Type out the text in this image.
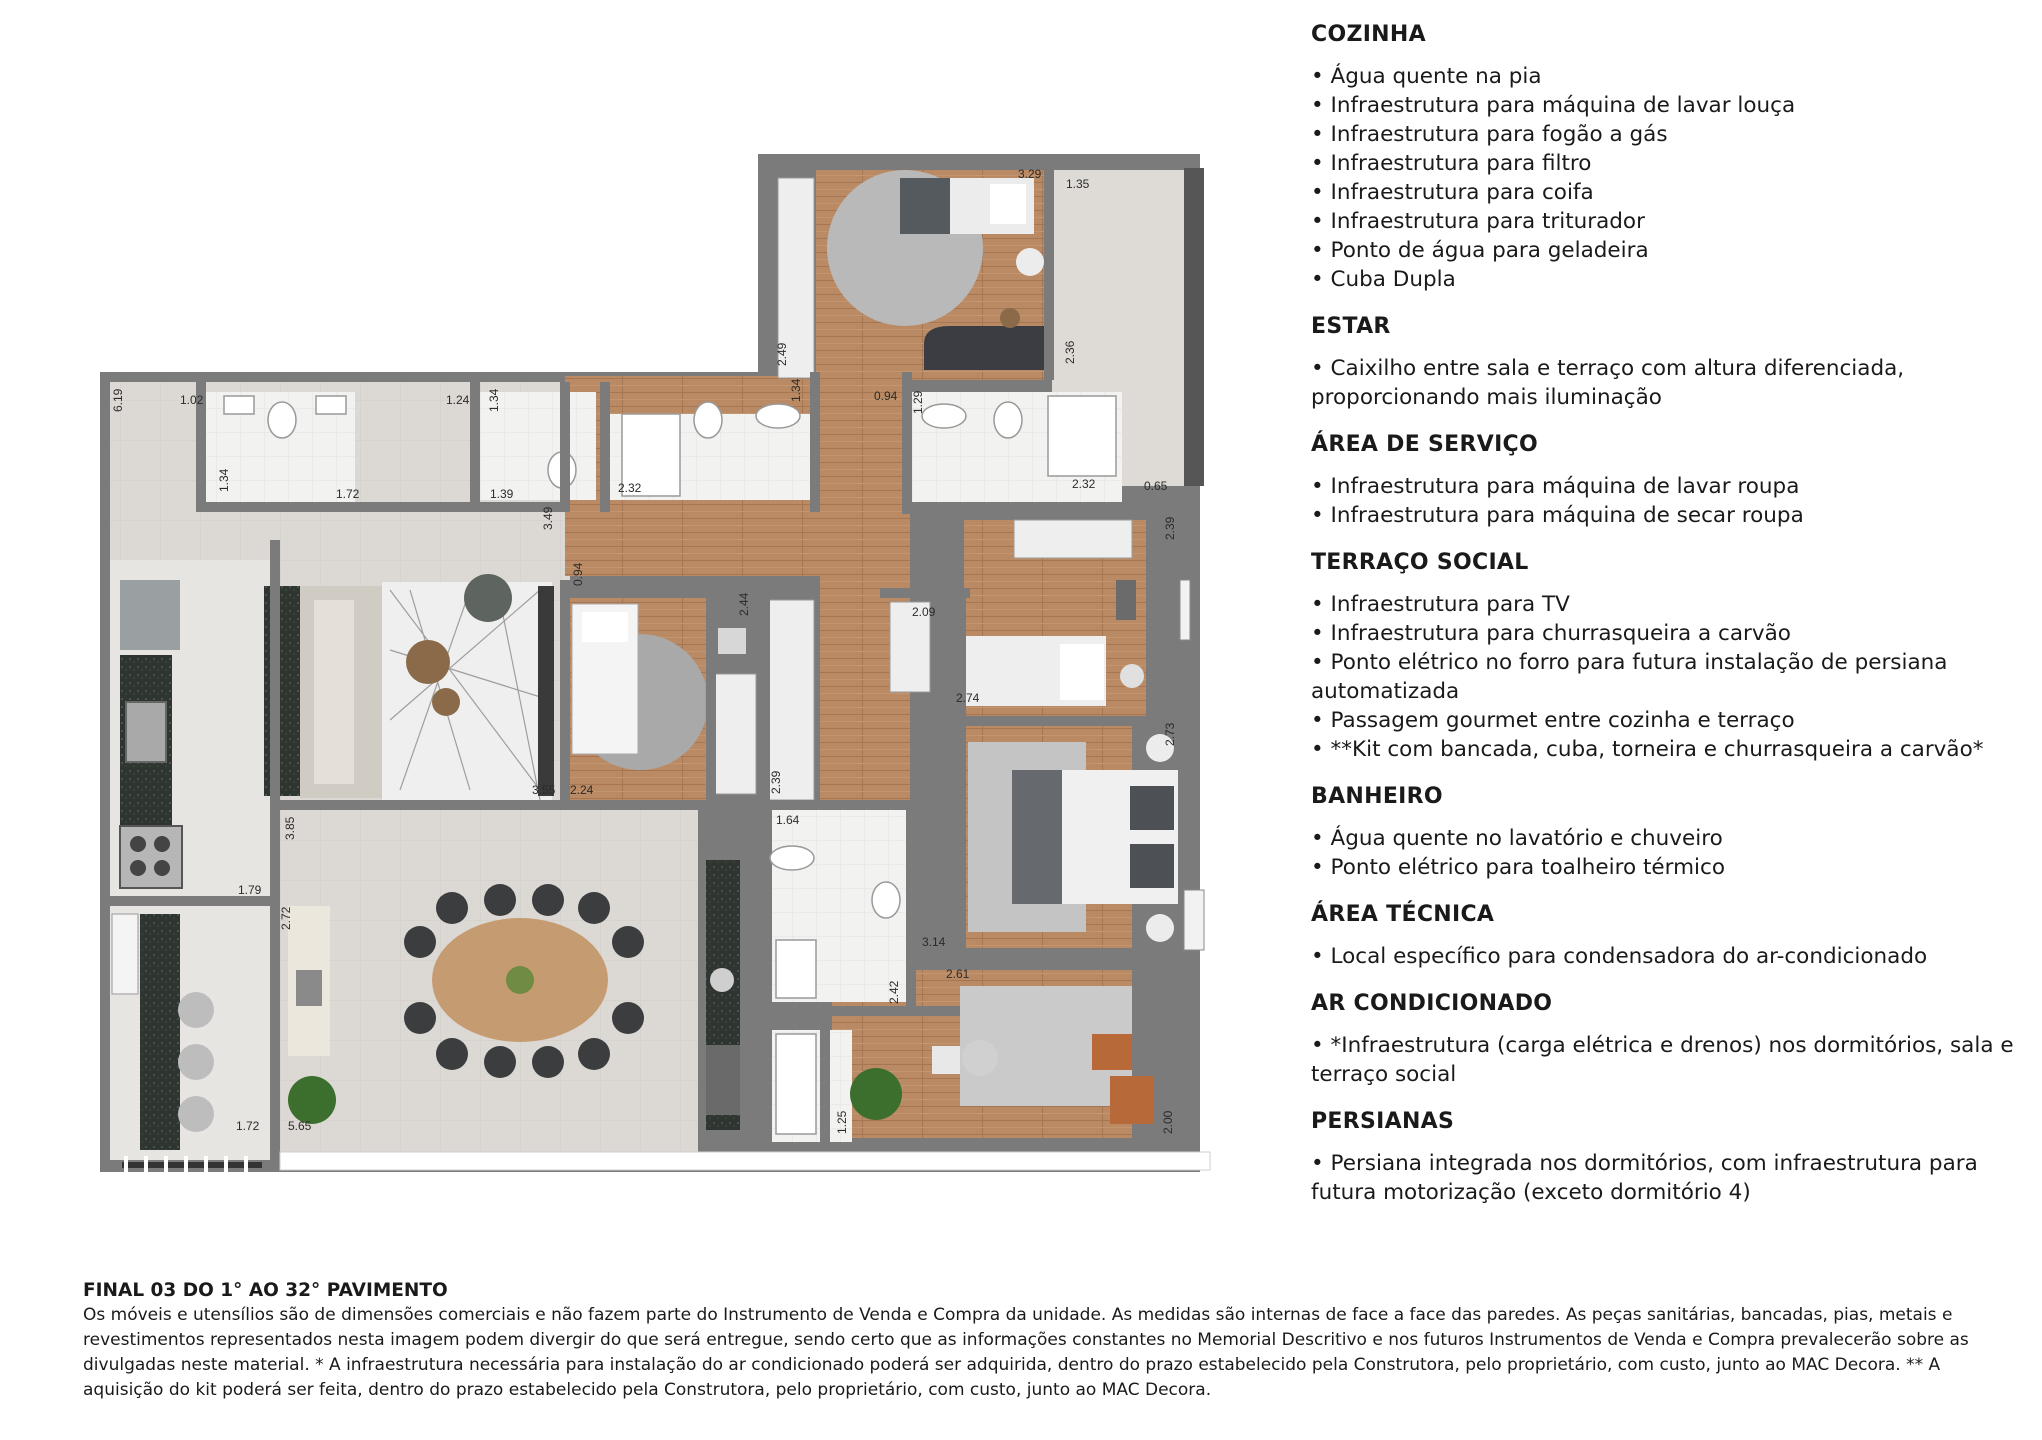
6.19	1.02	1.24 1.34
1.72
1.34
1.39
1.34
2.32
3.29
1.35
2.49	2.36
0.94 1.29
2.32	0.65
3.49
0.94
2.44
2.39
2.09
2.74
2.73
3.55 2.24	2.39
3.85	1.64
1.79
2.72
3.14
2.42
2.61
1.72 5.65	1.25	2.00
COZINHA
• Água quente na pia
• Infraestrutura para máquina de lavar louça
• Infraestrutura para fogão a gás
• Infraestrutura para filtro
• Infraestrutura para coifa
• Infraestrutura para triturador
• Ponto de água para geladeira
• Cuba Dupla
ESTAR
• Caixilho entre sala e terraço com altura diferenciada, proporcionando mais iluminação
ÁREA DE SERVIÇO
• Infraestrutura para máquina de lavar roupa
• Infraestrutura para máquina de secar roupa
TERRAÇO SOCIAL
• Infraestrutura para TV
• Infraestrutura para churrasqueira a carvão
• Ponto elétrico no forro para futura instalação de persiana automatizada
• Passagem gourmet entre cozinha e terraço
• **Kit com bancada, cuba, torneira e churrasqueira a carvão*
BANHEIRO
• Água quente no lavatório e chuveiro
• Ponto elétrico para toalheiro térmico
ÁREA TÉCNICA
• Local específico para condensadora do ar-condicionado
AR CONDICIONADO
• *Infraestrutura (carga elétrica e drenos) nos dormitórios, sala e terraço social
PERSIANAS
• Persiana integrada nos dormitórios, com infraestrutura para futura motorização (exceto dormitório 4)
FINAL 03 DO 1° AO 32° PAVIMENTO
Os móveis e utensílios são de dimensões comerciais e não fazem parte do Instrumento de Venda e Compra da unidade. As medidas são internas de face a face das paredes. As peças sanitárias, bancadas, pias, metais e revestimentos representados nesta imagem podem divergir do que será entregue, sendo certo que as informações constantes no Memorial Descritivo e nos futuros Instrumentos de Venda e Compra prevalecerão sobre as divulgadas neste material. * A infraestrutura necessária para instalação do ar condicionado poderá ser adquirida, dentro do prazo estabelecido pela Construtora, pelo proprietário, com custo, junto ao MAC Decora. ** A aquisição do kit poderá ser feita, dentro do prazo estabelecido pela Construtora, pelo proprietário, com custo, junto ao MAC Decora.
